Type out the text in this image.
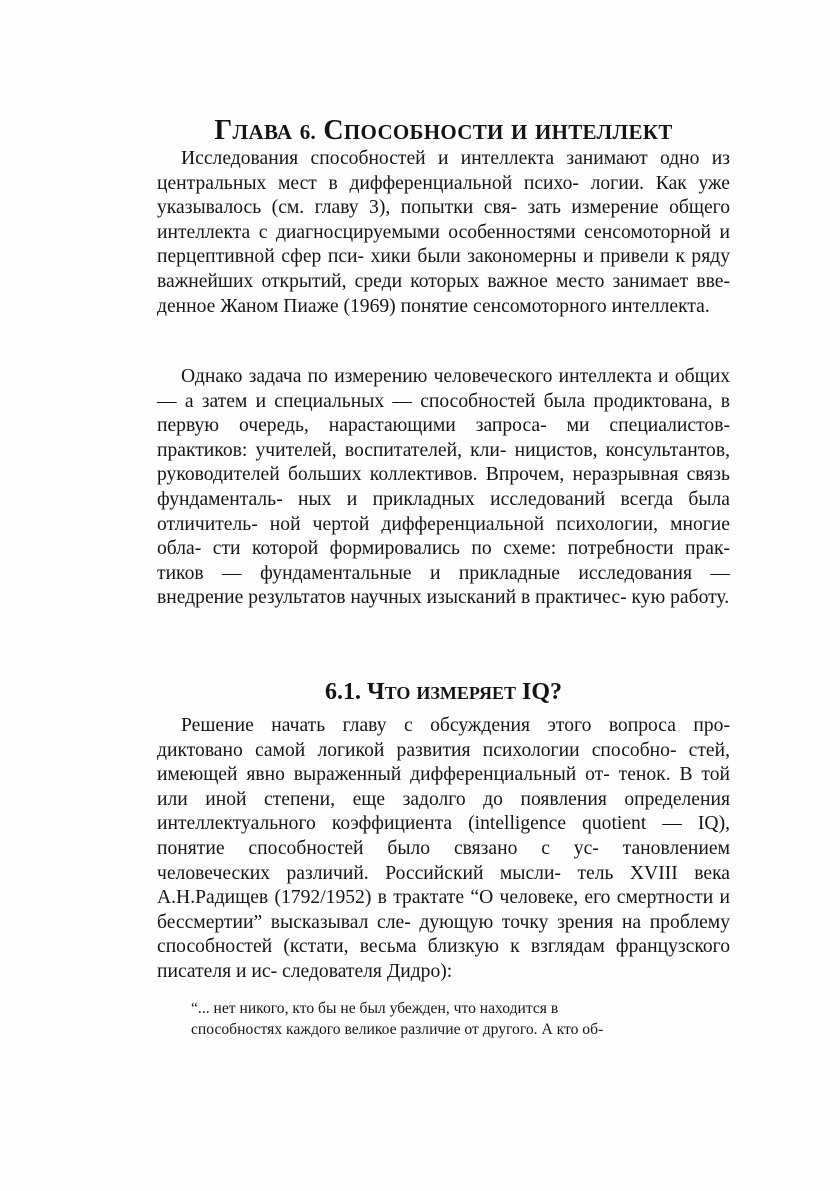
ГЛАВА 6. СПОСОБНОСТИ И ИНТЕЛЛЕКТ

Исследования способностей и интеллекта занимают одно из центральных мест в дифференциальной психо- логии. Как уже указывалось (см. главу 3), попытки свя- зать измерение общего интеллекта с диагносцируемыми особенностями сенсомоторной и перцептивной сфер пси- хики были закономерны и привели к ряду важнейших открытий, среди которых важное место занимает вве- денное Жаном Пиаже (1969) понятие сенсомоторного интеллекта.

Однако задача по измерению человеческого интеллекта и общих — а затем и специальных — способностей была продиктована, в первую очередь, нарастающими запроса- ми специалистов-практиков: учителей, воспитателей, кли- ницистов, консультантов, руководителей больших коллективов. Впрочем, неразрывная связь фундаменталь- ных и прикладных исследований всегда была отличитель- ной чертой дифференциальной психологии, многие обла- сти которой формировались по схеме: потребности прак- тиков — фундаментальные и прикладные исследования — внедрение результатов научных изысканий в практичес- кую работу.

6.1. ЧТО ИЗМЕРЯЕТ IQ?

Решение начать главу с обсуждения этого вопроса про- диктовано самой логикой развития психологии способно- стей, имеющей явно выраженный дифференциальный от- тенок. В той или иной степени, еще задолго до появления определения интеллектуального коэффициента (intelligence quotient — IQ), понятие способностей было связано с ус- тановлением человеческих различий. Российский мысли- тель XVIII века А.Н.Радищев (1792/1952) в трактате “О человеке, его смертности и бессмертии” высказывал сле- дующую точку зрения на проблему способностей (кстати, весьма близкую к взглядам французского писателя и ис- следователя Дидро):

“... нет никого, кто бы не был убежден, что находится в
способностях каждого великое различие от другого. А кто об-
